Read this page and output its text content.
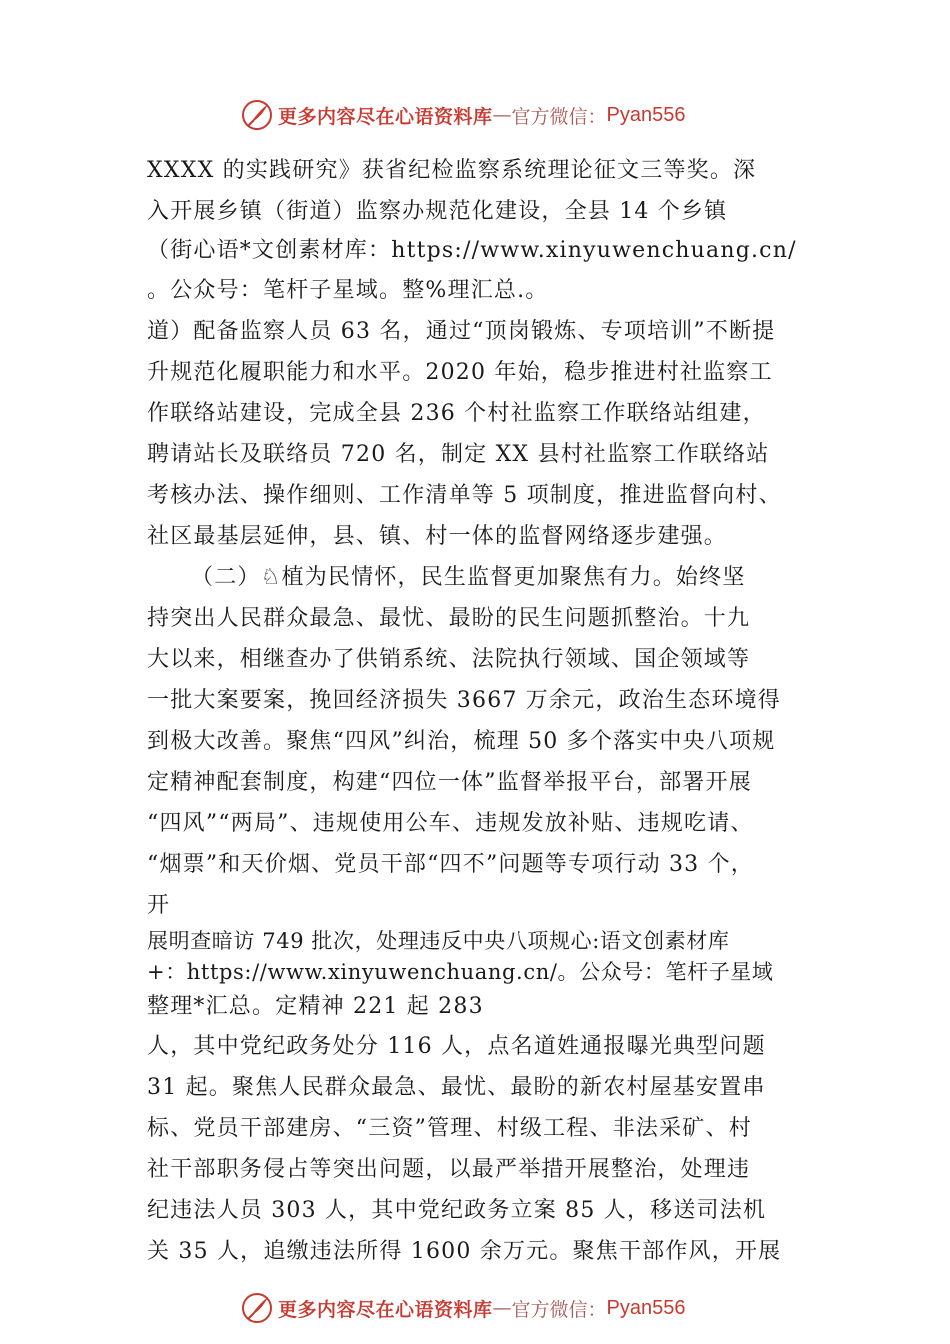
更多内容尽在心语资料库 — 官方微信： Pyan556
XXXX 的实践研究》获省纪检监察系统理论征文三等奖。深
入开展乡镇（街道）监察办规范化建设，全县 14 个乡镇
（街心语*文创素材库：https://www.xinyuwenchuang.cn/
。公众号：笔杆子星域。整%理汇总.。
道）配备监察人员 63 名，通过“顶岗锻炼、专项培训”不断提
升规范化履职能力和水平。2020 年始，稳步推进村社监察工
作联络站建设，完成全县 236 个村社监察工作联络站组建，
聘请站长及联络员 720 名，制定 XX 县村社监察工作联络站
考核办法、操作细则、工作清单等 5 项制度，推进监督向村、
社区最基层延伸，县、镇、村一体的监督网络逐步建强。
（二）♘植为民情怀，民生监督更加聚焦有力。始终坚
持突出人民群众最急、最忧、最盼的民生问题抓整治。十九
大以来，相继查办了供销系统、法院执行领域、国企领域等
一批大案要案，挽回经济损失 3667 万余元，政治生态环境得
到极大改善。聚焦“四风”纠治，梳理 50 多个落实中央八项规
定精神配套制度，构建“四位一体”监督举报平台，部署开展
“四风”“两局”、违规使用公车、违规发放补贴、违规吃请、
“烟票”和天价烟、党员干部“四不”问题等专项行动 33 个，
开
展明查暗访 749 批次，处理违反中央八项规心:语文创素材库
+：https://www.xinyuwenchuang.cn/。公众号：笔杆子星域
整理*汇总。定精神 221 起 283
人，其中党纪政务处分 116 人，点名道姓通报曝光典型问题
31 起。聚焦人民群众最急、最忧、最盼的新农村屋基安置串
标、党员干部建房、“三资”管理、村级工程、非法采矿、村
社干部职务侵占等突出问题，以最严举措开展整治，处理违
纪违法人员 303 人，其中党纪政务立案 85 人，移送司法机
关 35 人，追缴违法所得 1600 余万元。聚焦干部作风，开展
更多内容尽在心语资料库 — 官方微信： Pyan556
